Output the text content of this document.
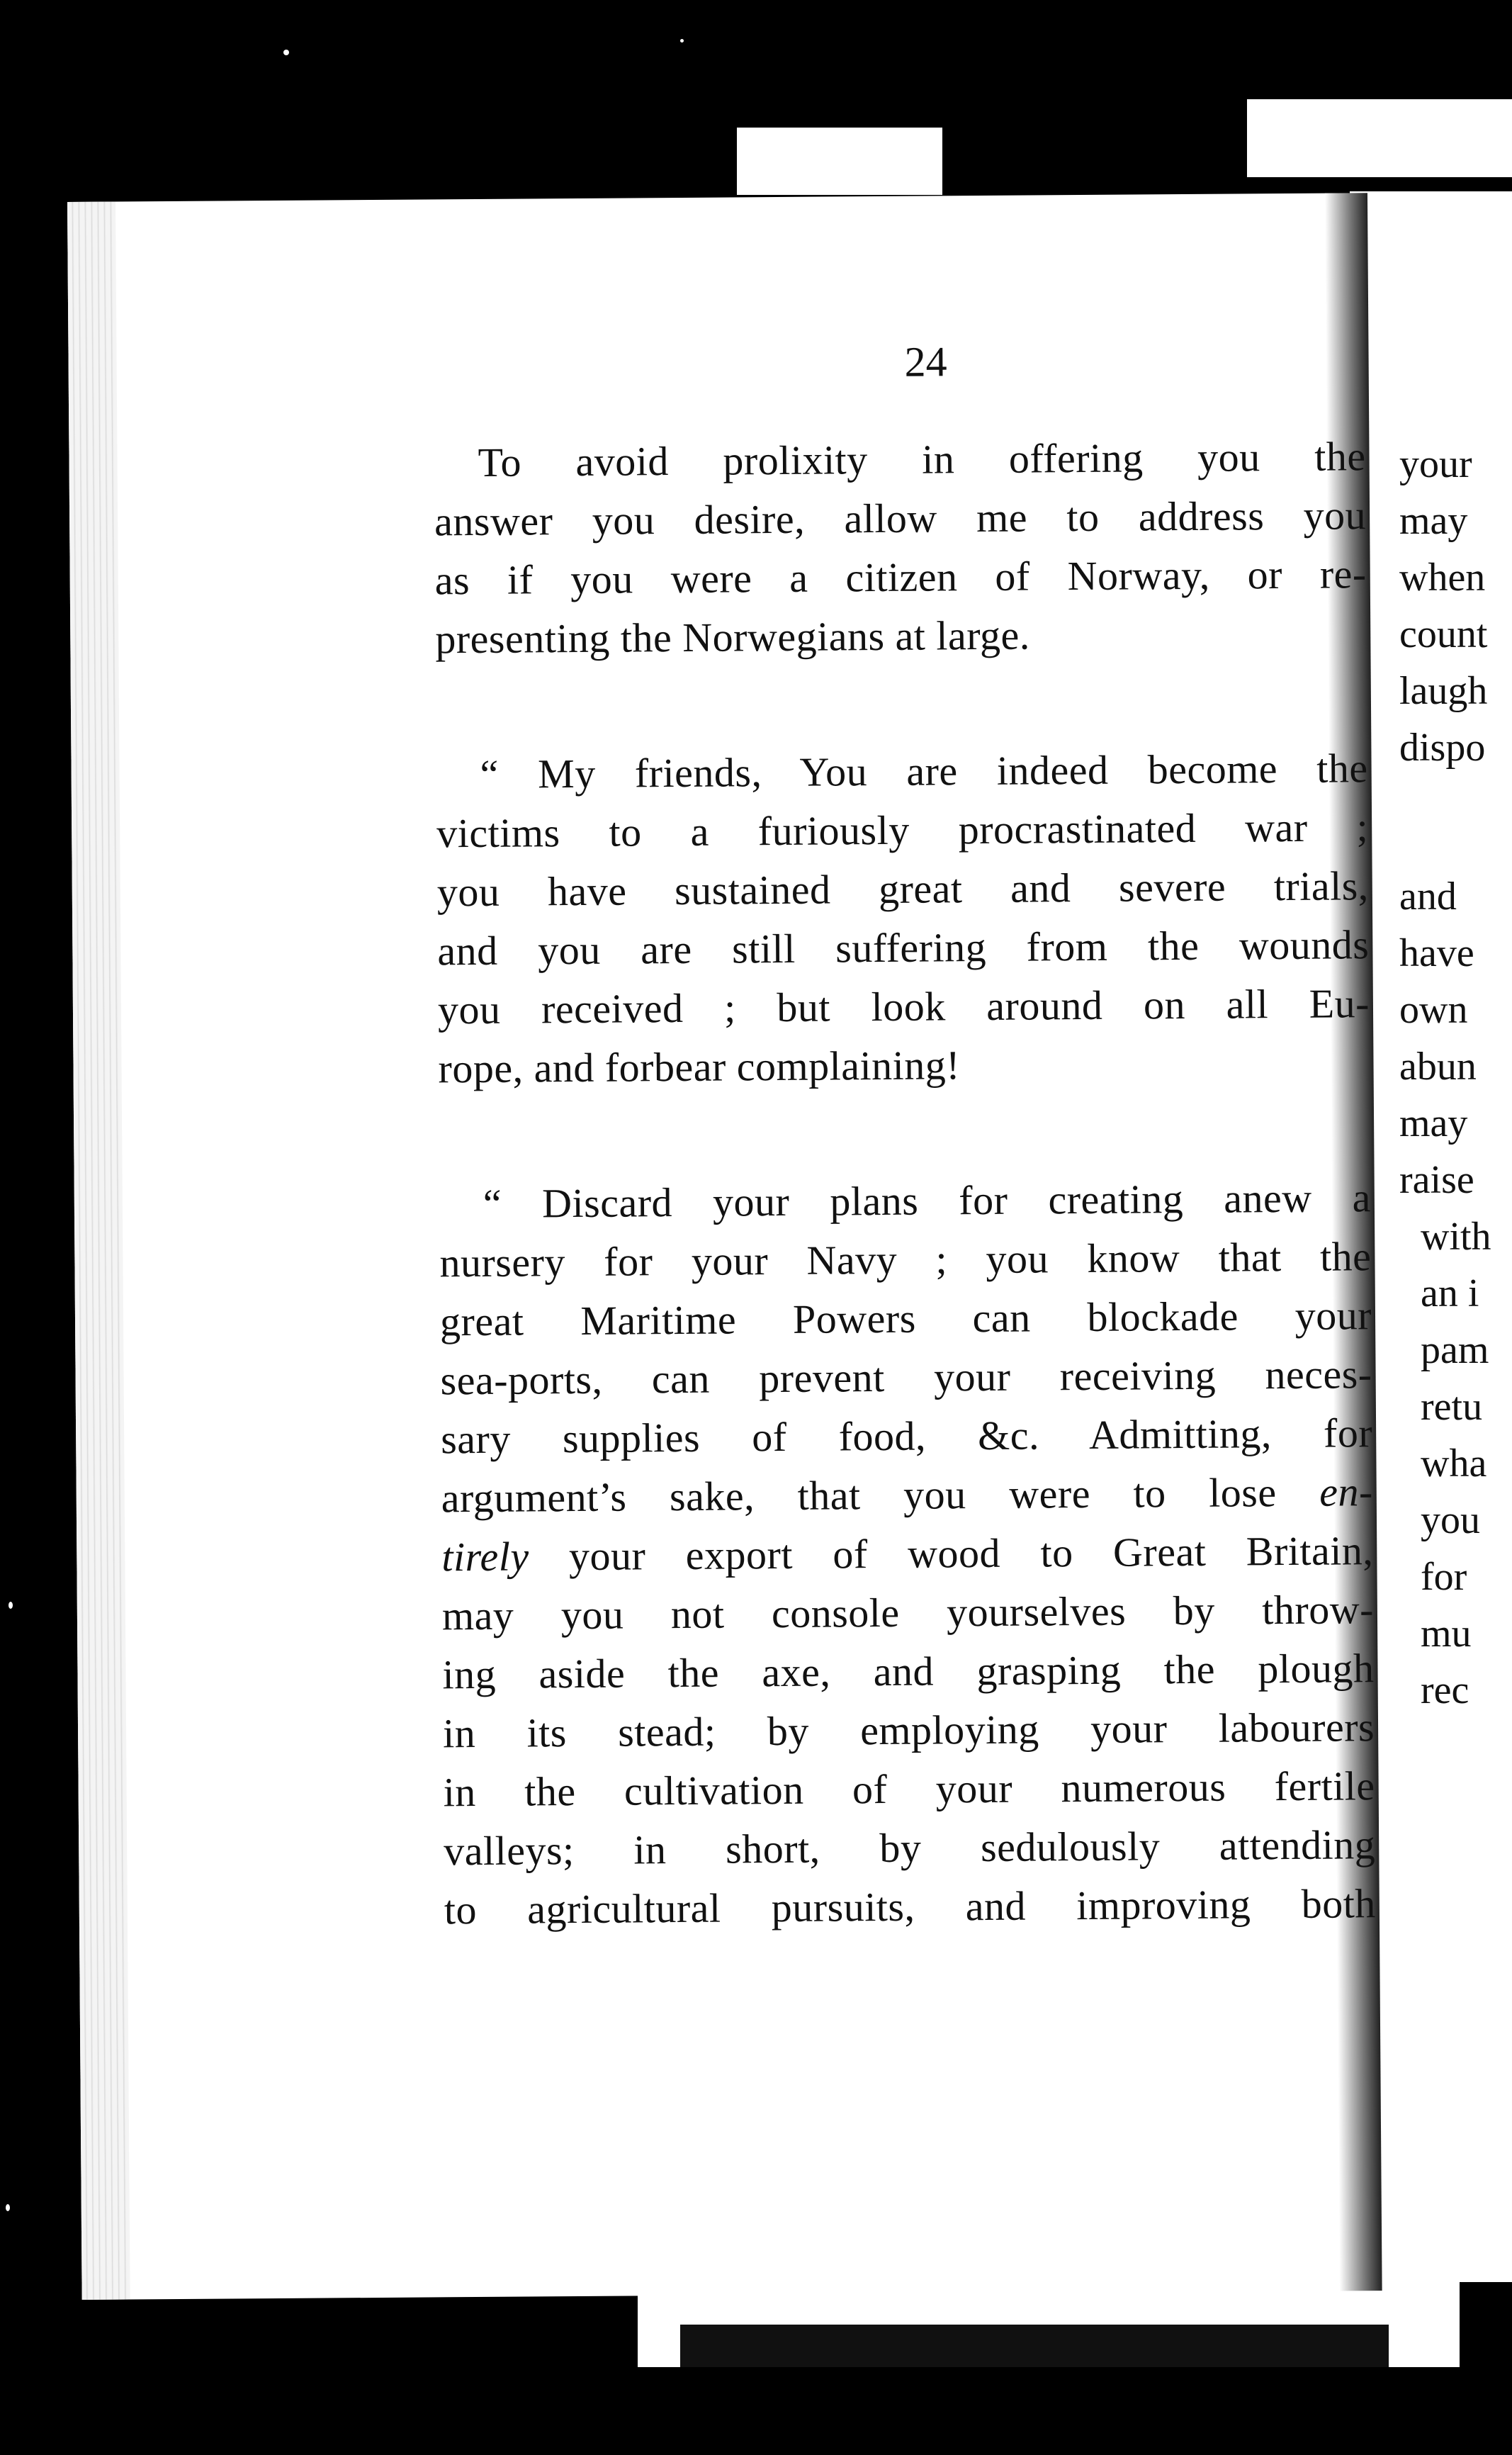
your
may
when
count
laugh
dispo
and
have
own
abun
may
raise
with
an i
pam
retu
wha
you
for
mu
rec
24
To avoid prolixity in offering you the
answer you desire, allow me to address you
as if you were a citizen of Norway, or re-
presenting the Norwegians at large.
“ My friends, You are indeed become the
victims to a furiously procrastinated war ;
you have sustained great and severe trials,
and you are still suffering from the wounds
you received ; but look around on all Eu-
rope, and forbear complaining!
“ Discard your plans for creating anew a
nursery for your Navy ; you know that the
great Maritime Powers can blockade your
sea-ports, can prevent your receiving neces-
sary supplies of food, &c. Admitting, for
argument’s sake, that you were to lose en-
tirely your export of wood to Great Britain,
may you not console yourselves by throw-
ing aside the axe, and grasping the plough
in its stead; by employing your labourers
in the cultivation of your numerous fertile
valleys; in short, by sedulously attending
to agricultural pursuits, and improving both
